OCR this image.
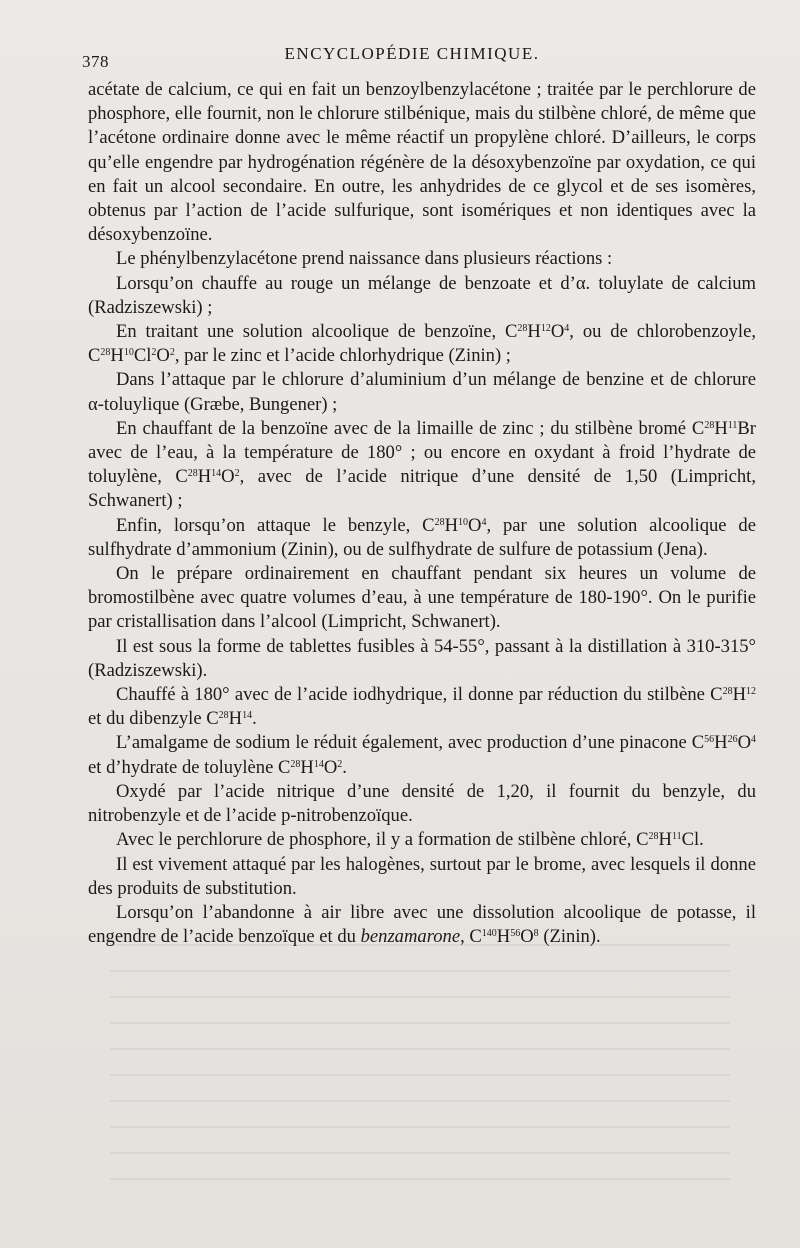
378	ENCYCLOPÉDIE CHIMIQUE.

acétate de calcium, ce qui en fait un benzoylbenzylacétone ; traitée par le perchlorure de phosphore, elle fournit, non le chlorure stilbénique, mais du stilbène chloré, de même que l’acétone ordinaire donne avec le même réactif un propylène chloré. D’ailleurs, le corps qu’elle engendre par hydrogénation régénère de la désoxybenzoïne par oxydation, ce qui en fait un alcool secondaire. En outre, les anhydrides de ce glycol et de ses isomères, obtenus par l’action de l’acide sulfurique, sont isomériques et non identiques avec la désoxybenzoïne.

Le phénylbenzylacétone prend naissance dans plusieurs réactions :

Lorsqu’on chauffe au rouge un mélange de benzoate et d’α. toluylate de calcium (Radziszewski) ;

En traitant une solution alcoolique de benzoïne, $C^{28}H^{12}O^4$, ou de chlorobenzoyle, $C^{28}H^{10}Cl^2O^2$, par le zinc et l’acide chlorhydrique (Zinin) ;

Dans l’attaque par le chlorure d’aluminium d’un mélange de benzine et de chlorure α-toluylique (Græbe, Bungener) ;

En chauffant de la benzoïne avec de la limaille de zinc ; du stilbène bromé $C^{28}H^{11}Br$ avec de l’eau, à la température de 180° ; ou encore en oxydant à froid l’hydrate de toluylène, $C^{28}H^{14}O^2$, avec de l’acide nitrique d’une densité de 1,50 (Limpricht, Schwanert) ;

Enfin, lorsqu’on attaque le benzyle, $C^{28}H^{10}O^4$, par une solution alcoolique de sulfhydrate d’ammonium (Zinin), ou de sulfhydrate de sulfure de potassium (Jena).

On le prépare ordinairement en chauffant pendant six heures un volume de bromostilbène avec quatre volumes d’eau, à une température de 180-190°. On le purifie par cristallisation dans l’alcool (Limpricht, Schwanert).

Il est sous la forme de tablettes fusibles à 54-55°, passant à la distillation à 310-315° (Radziszewski).

Chauffé à 180° avec de l’acide iodhydrique, il donne par réduction du stilbène $C^{28}H^{12}$ et du dibenzyle $C^{28}H^{14}$.

L’amalgame de sodium le réduit également, avec production d’une pinacone $C^{56}H^{26}O^4$ et d’hydrate de toluylène $C^{28}H^{14}O^2$.

Oxydé par l’acide nitrique d’une densité de 1,20, il fournit du benzyle, du nitrobenzyle et de l’acide p-nitrobenzoïque.

Avec le perchlorure de phosphore, il y a formation de stilbène chloré, $C^{28}H^{11}Cl$.

Il est vivement attaqué par les halogènes, surtout par le brome, avec lesquels il donne des produits de substitution.

Lorsqu’on l’abandonne à air libre avec une dissolution alcoolique de potasse, il engendre de l’acide benzoïque et du benzamarone, $C^{140}H^{56}O^8$ (Zinin).
